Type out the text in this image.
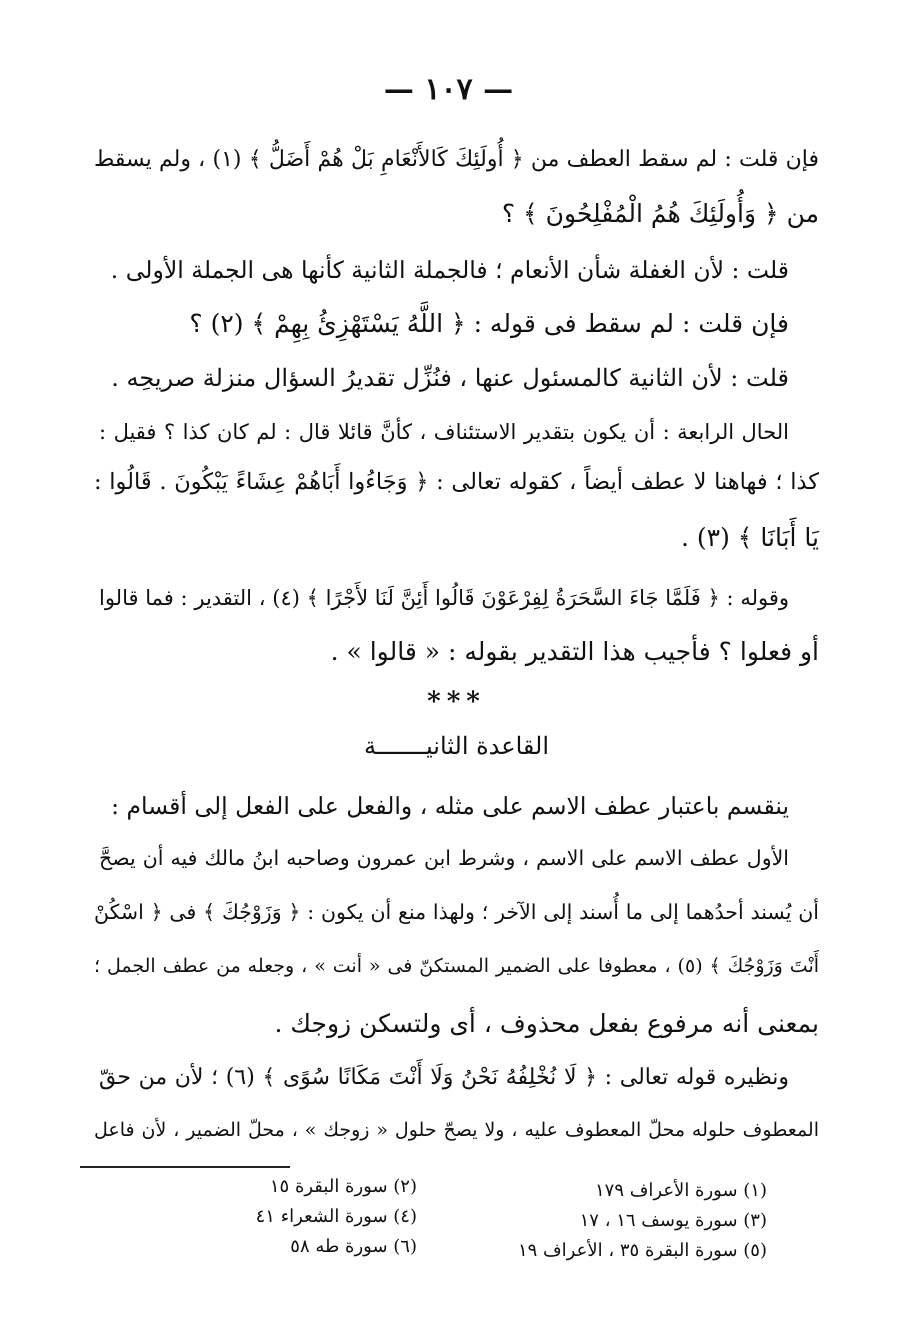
— ١٠٧ —
فإن قلت : لم سقط العطف من ﴿ أُولَئِكَ كَالأَنْعَامِ بَلْ هُمْ أَضَلُّ ﴾ (١) ، ولم يسقط
من ﴿ وَأُولَئِكَ هُمُ الْمُفْلِحُونَ ﴾ ؟
قلت : لأن الغفلة شأن الأنعام ؛ فالجملة الثانية كأنها هى الجملة الأولى .
فإن قلت : لم سقط فى قوله : ﴿ اللَّهُ يَسْتَهْزِئُ بِهِمْ ﴾ (٢) ؟
قلت : لأن الثانية كالمسئول عنها ، فنُزِّل تقديرُ السؤال منزلة صريحِه .
الحال الرابعة : أن يكون بتقدير الاستئناف ، كأنَّ قائلا قال : لم كان كذا ؟ فقيل :
كذا ؛ فهاهنا لا عطف أيضاً ، كقوله تعالى : ﴿ وَجَاءُوا أَبَاهُمْ عِشَاءً يَبْكُونَ . قَالُوا :
يَا أَبَانَا ﴾ (٣) .
وقوله : ﴿ فَلَمَّا جَاءَ السَّحَرَةُ لِفِرْعَوْنَ قَالُوا أَئِنَّ لَنَا لأَجْرًا ﴾ (٤) ، التقدير : فما قالوا
أو فعلوا ؟ فأجيب هذا التقدير بقوله : « قالوا » .
***
القاعدة الثانيـــــــة
ينقسم باعتبار عطف الاسم على مثله ، والفعل على الفعل إلى أقسام :
الأول عطف الاسم على الاسم ، وشرط ابن عمرون وصاحبه ابنُ مالك فيه أن يصحَّ
أن يُسند أحدُهما إلى ما أُسند إلى الآخر ؛ ولهذا منع أن يكون : ﴿ وَزَوْجُكَ ﴾ فى ﴿ اسْكُنْ
أَنْتَ وَزَوْجُكَ ﴾ (٥) ، معطوفا على الضمير المستكنّ فى « أنت » ، وجعله من عطف الجمل ؛
بمعنى أنه مرفوع بفعل محذوف ، أى ولتسكن زوجك .
ونظيره قوله تعالى : ﴿ لَا نُخْلِفُهُ نَحْنُ وَلَا أَنْتَ مَكَانًا سُوًى ﴾ (٦) ؛ لأن من حقّ
المعطوف حلوله محلّ المعطوف عليه ، ولا يصحّ حلول « زوجك » ، محلّ الضمير ، لأن فاعل
(١) سورة الأعراف ١٧٩
(٣) سورة يوسف ١٦ ، ١٧
(٥) سورة البقرة ٣٥ ، الأعراف ١٩
(٢) سورة البقرة ١٥
(٤) سورة الشعراء ٤١
(٦) سورة طه ٥٨
